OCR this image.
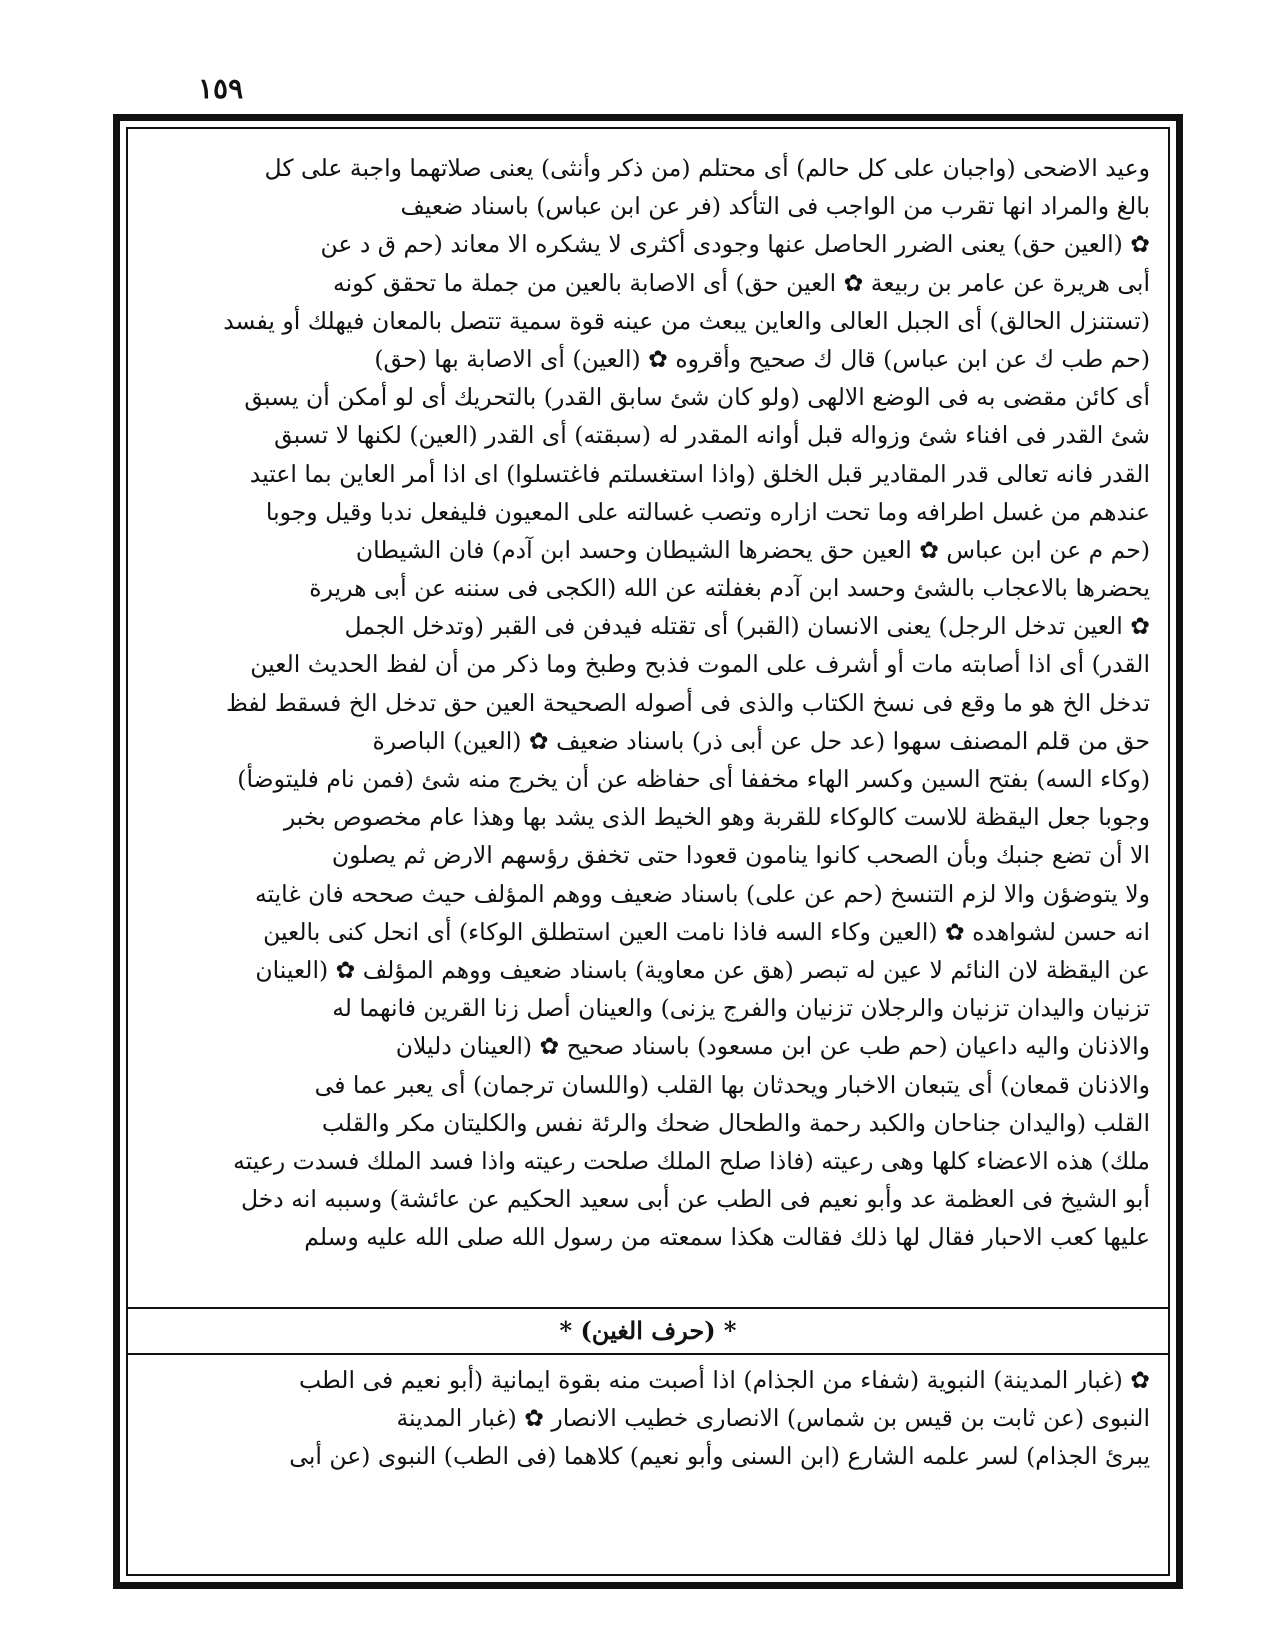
١٥٩
وعيد الاضحى (واجبان على كل حالم) أى محتلم (من ذكر وأنثى) يعنى صلاتهما واجبة على كل
بالغ والمراد انها تقرب من الواجب فى التأكد (فر عن ابن عباس) باسناد ضعيف
✿ (العين حق) يعنى الضرر الحاصل عنها وجودى أكثرى لا يشكره الا معاند (حم ق د عن
أبى هريرة عن عامر بن ربيعة ✿ العين حق) أى الاصابة بالعين من جملة ما تحقق كونه
(تستنزل الحالق) أى الجبل العالى والعاين يبعث من عينه قوة سمية تتصل بالمعان فيهلك أو يفسد
(حم طب ك عن ابن عباس) قال ك صحيح وأقروه ✿ (العين) أى الاصابة بها (حق)
أى كائن مقضى به فى الوضع الالهى (ولو كان شئ سابق القدر) بالتحريك أى لو أمكن أن يسبق
شئ القدر فى افناء شئ وزواله قبل أوانه المقدر له (سبقته) أى القدر (العين) لكنها لا تسبق
القدر فانه تعالى قدر المقادير قبل الخلق (واذا استغسلتم فاغتسلوا) اى اذا أمر العاين بما اعتيد
عندهم من غسل اطرافه وما تحت ازاره وتصب غسالته على المعيون فليفعل ندبا وقيل وجوبا
(حم م عن ابن عباس ✿ العين حق يحضرها الشيطان وحسد ابن آدم) فان الشيطان
يحضرها بالاعجاب بالشئ وحسد ابن آدم بغفلته عن الله (الكجى فى سننه عن أبى هريرة
✿ العين تدخل الرجل) يعنى الانسان (القبر) أى تقتله فيدفن فى القبر (وتدخل الجمل
القدر) أى اذا أصابته مات أو أشرف على الموت فذبح وطبخ وما ذكر من أن لفظ الحديث العين
تدخل الخ هو ما وقع فى نسخ الكتاب والذى فى أصوله الصحيحة العين حق تدخل الخ فسقط لفظ
حق من قلم المصنف سهوا (عد حل عن أبى ذر) باسناد ضعيف ✿ (العين) الباصرة
(وكاء السه) بفتح السين وكسر الهاء مخففا أى حفاظه عن أن يخرج منه شئ (فمن نام فليتوضأ)
وجوبا جعل اليقظة للاست كالوكاء للقربة وهو الخيط الذى يشد بها وهذا عام مخصوص بخبر
الا أن تضع جنبك وبأن الصحب كانوا ينامون قعودا حتى تخفق رؤسهم الارض ثم يصلون
ولا يتوضؤن والا لزم التنسخ (حم عن على) باسناد ضعيف ووهم المؤلف حيث صححه فان غايته
انه حسن لشواهده ✿ (العين وكاء السه فاذا نامت العين استطلق الوكاء) أى انحل كنى بالعين
عن اليقظة لان النائم لا عين له تبصر (هق عن معاوية) باسناد ضعيف ووهم المؤلف ✿ (العينان
تزنيان واليدان تزنيان والرجلان تزنيان والفرج يزنى) والعينان أصل زنا القرين فانهما له
والاذنان واليه داعيان (حم طب عن ابن مسعود) باسناد صحيح ✿ (العينان دليلان
والاذنان قمعان) أى يتبعان الاخبار ويحدثان بها القلب (واللسان ترجمان) أى يعبر عما فى
القلب (واليدان جناحان والكبد رحمة والطحال ضحك والرئة نفس والكليتان مكر والقلب
ملك) هذه الاعضاء كلها وهى رعيته (فاذا صلح الملك صلحت رعيته واذا فسد الملك فسدت رعيته
أبو الشيخ فى العظمة عد وأبو نعيم فى الطب عن أبى سعيد الحكيم عن عائشة) وسببه انه دخل
عليها كعب الاحبار فقال لها ذلك فقالت هكذا سمعته من رسول الله صلى الله عليه وسلم
* (حرف الغين) *
✿ (غبار المدينة) النبوية (شفاء من الجذام) اذا أصبت منه بقوة ايمانية (أبو نعيم فى الطب
النبوى (عن ثابت بن قيس بن شماس) الانصارى خطيب الانصار ✿ (غبار المدينة
يبرئ الجذام) لسر علمه الشارع (ابن السنى وأبو نعيم) كلاهما (فى الطب) النبوى (عن أبى
